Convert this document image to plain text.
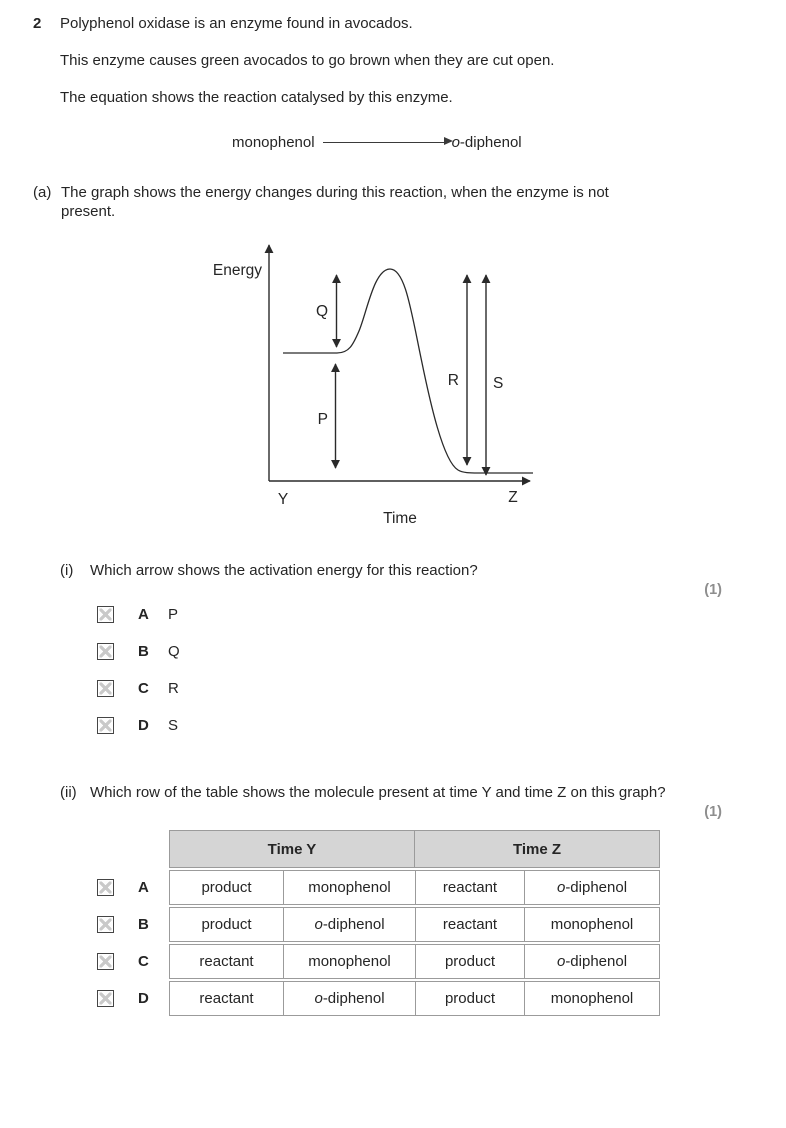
2	Polyphenol oxidase is an enzyme found in avocados.
This enzyme causes green avocados to go brown when they are cut open.
The equation shows the reaction catalysed by this enzyme.
monophenol	o-diphenol
(a) The graph shows the energy changes during this reaction, when the enzyme is not present.
Energy
Q
P
R S
Y	Z
Time
(i)	Which arrow shows the activation energy for this reaction?
(1)
A	P
B	Q
C	R
D	S
(ii) Which row of the table shows the molecule present at time Y and time Z on this graph?
(1)
Time Y	Time Z
A	product	monophenol	reactant	o -diphenol
B	product	o -diphenol	reactant	monophenol
C	reactant	monophenol	product	o -diphenol
D	reactant	o -diphenol	product	monophenol
